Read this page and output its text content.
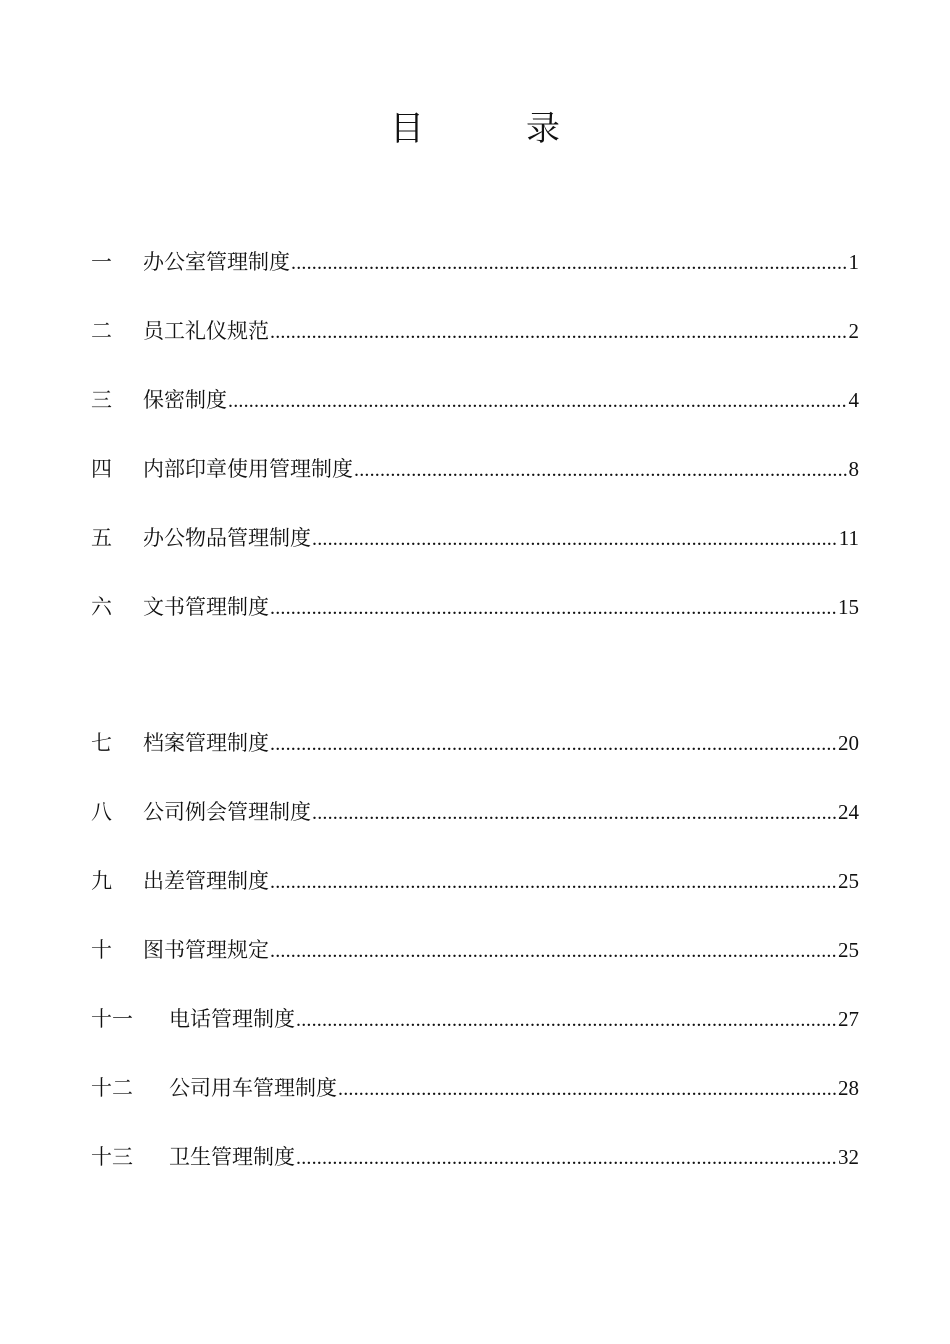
目	录
一	办公室管理制度 .....	1
二	员工礼仪规范 .....	2
三	保密制度 .....	4
四	内部印章使用管理制度 .....	8
五	办公物品管理制度 .....	11
六	文书管理制度 .....	15
七	档案管理制度 .....	20
八	公司例会管理制度 .....	24
九	出差管理制度 .....	25
十	图书管理规定 .....	25
十一	电话管理制度 .....	27
十二	公司用车管理制度 .....	28
十三	卫生管理制度 .....	32
